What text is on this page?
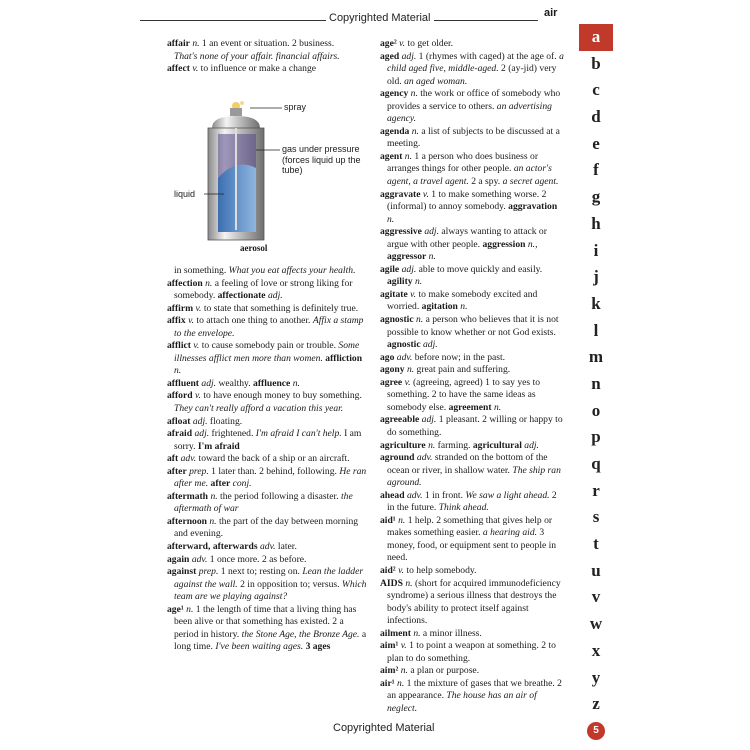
Copyrighted Material	air

affair n. 1 an event or situation. 2 business.

That's none of your affair. financial affairs.

affect v. to influence or make a change

spray
gas under pressure (forces liquid up the tube)
liquid
aerosol

in something. What you eat affects your health.

affection n. a feeling of love or strong liking for somebody. affectionate adj.

affirm v. to state that something is definitely true.

affix v. to attach one thing to another. Affix a stamp to the envelope.

afflict v. to cause somebody pain or trouble. Some illnesses afflict men more than women. affliction n.

affluent adj. wealthy. affluence n.

afford v. to have enough money to buy something. They can't really afford a vacation this year.

afloat adj. floating.

afraid adj. frightened. I'm afraid I can't help. I am sorry. I'm afraid

aft adv. toward the back of a ship or an aircraft.

after prep. 1 later than. 2 behind, following. He ran after me. after conj.

aftermath n. the period following a disaster. the aftermath of war

afternoon n. the part of the day between morning and evening.

afterward, afterwards adv. later.

again adv. 1 once more. 2 as before.

against prep. 1 next to; resting on. Lean the ladder against the wall. 2 in opposition to; versus. Which team are we playing against?

age¹ n. 1 the length of time that a living thing has been alive or that something has existed. 2 a period in history. the Stone Age, the Bronze Age. a long time. I've been waiting ages. 3 ages

age² v. to get older.

aged adj. 1 (rhymes with caged) at the age of. a child aged five, middle-aged. 2 (ay-jid) very old. an aged woman.

agency n. the work or office of somebody who provides a service to others. an advertising agency.

agenda n. a list of subjects to be discussed at a meeting.

agent n. 1 a person who does business or arranges things for other people. an actor's agent, a travel agent. 2 a spy. a secret agent.

aggravate v. 1 to make something worse. 2 (informal) to annoy somebody. aggravation n.

aggressive adj. always wanting to attack or argue with other people. aggression n., aggressor n.

agile adj. able to move quickly and easily. agility n.

agitate v. to make somebody excited and worried. agitation n.

agnostic n. a person who believes that it is not possible to know whether or not God exists. agnostic adj.

ago adv. before now; in the past.

agony n. great pain and suffering.

agree v. (agreeing, agreed) 1 to say yes to something. 2 to have the same ideas as somebody else. agreement n.

agreeable adj. 1 pleasant. 2 willing or happy to do something.

agriculture n. farming. agricultural adj.

aground adv. stranded on the bottom of the ocean or river, in shallow water. The ship ran aground.

ahead adv. 1 in front. We saw a light ahead. 2 in the future. Think ahead.

aid¹ n. 1 help. 2 something that gives help or makes something easier. a hearing aid. 3 money, food, or equipment sent to people in need.

aid² v. to help somebody.

AIDS n. (short for acquired immunodeficiency syndrome) a serious illness that destroys the body's ability to protect itself against infections.

ailment n. a minor illness.

aim¹ v. 1 to point a weapon at something. 2 to plan to do something.

aim² n. a plan or purpose.

air¹ n. 1 the mixture of gases that we breathe. 2 an appearance. The house has an air of neglect.

a
b
c
d
e
f
g
h
i
j
k
l
m
n
o
p
q
r
s
t
u
v
w
x
y
z
Copyrighted Material	5
